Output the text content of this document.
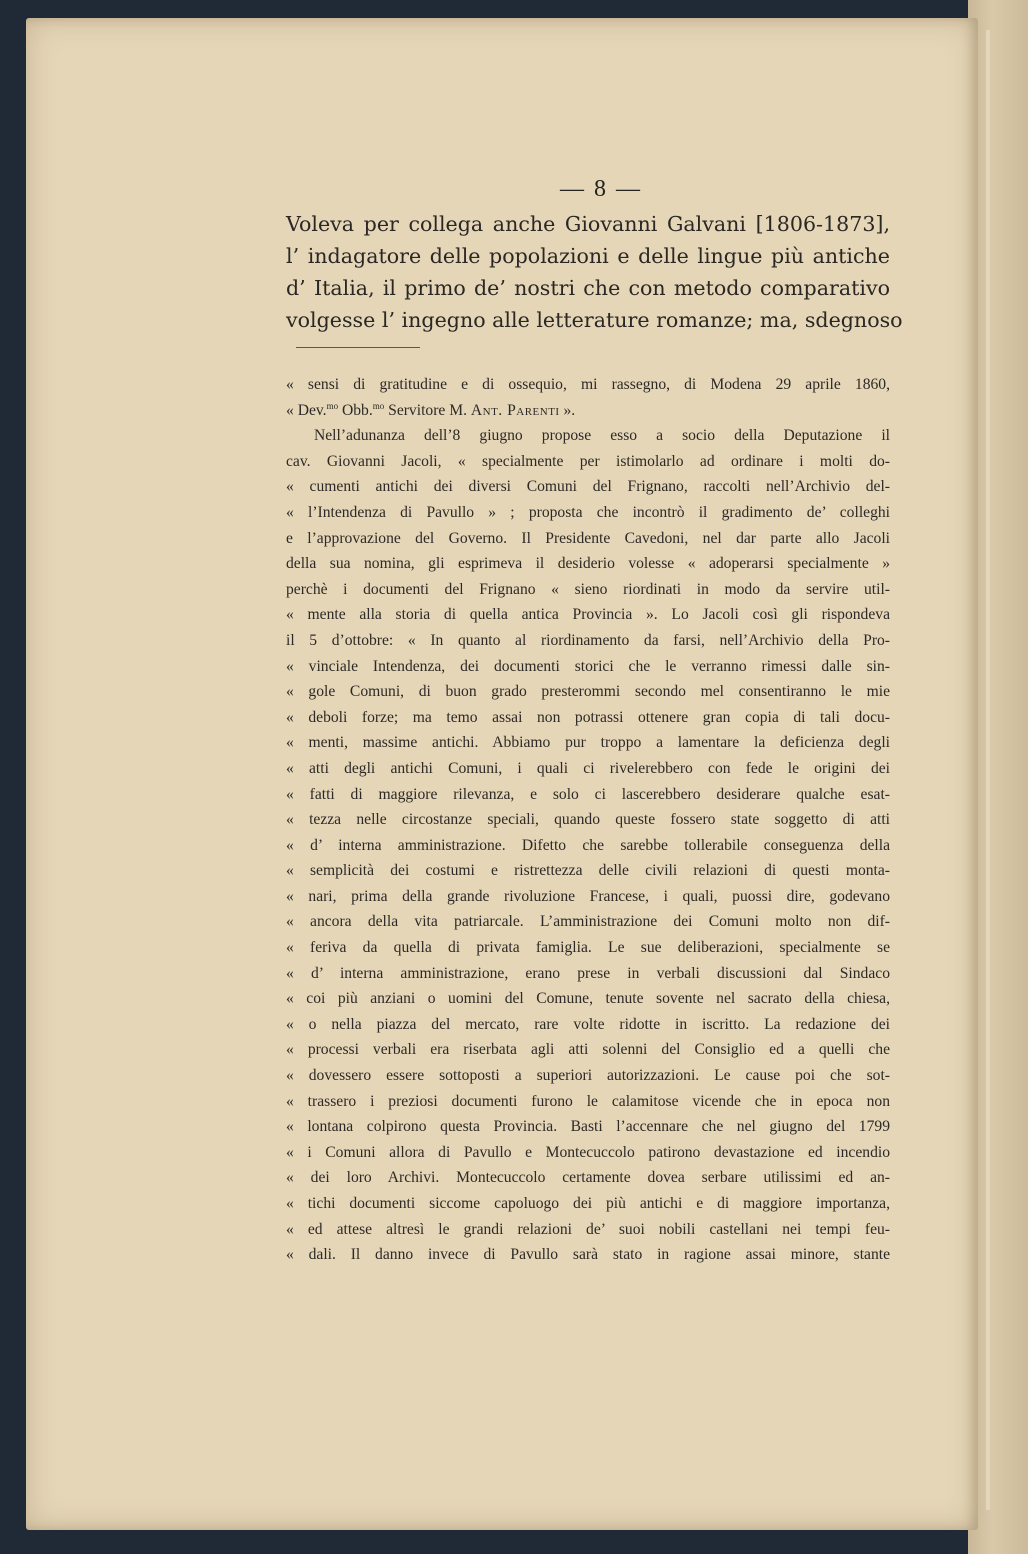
— 8 —
Voleva per collega anche Giovanni Galvani [1806-1873],
l’ indagatore delle popolazioni e delle lingue più antiche
d’ Italia, il primo de’ nostri che con metodo comparativo
volgesse l’ ingegno alle letterature romanze; ma, sdegnoso
« sensi di gratitudine e di ossequio, mi rassegno, di Modena 29 aprile 1860,
« Dev.$^{mo}$ Obb.$^{mo}$ Servitore M. Ant. Parenti ».
Nell’adunanza dell’8 giugno propose esso a socio della Deputazione il
cav. Giovanni Jacoli, « specialmente per istimolarlo ad ordinare i molti do-
« cumenti antichi dei diversi Comuni del Frignano, raccolti nell’Archivio del-
« l’Intendenza di Pavullo » ; proposta che incontrò il gradimento de’ colleghi
e l’approvazione del Governo. Il Presidente Cavedoni, nel dar parte allo Jacoli
della sua nomina, gli esprimeva il desiderio volesse « adoperarsi specialmente »
perchè i documenti del Frignano « sieno riordinati in modo da servire util-
« mente alla storia di quella antica Provincia ». Lo Jacoli così gli rispondeva
il 5 d’ottobre: « In quanto al riordinamento da farsi, nell’Archivio della Pro-
« vinciale Intendenza, dei documenti storici che le verranno rimessi dalle sin-
« gole Comuni, di buon grado presterommi secondo mel consentiranno le mie
« deboli forze; ma temo assai non potrassi ottenere gran copia di tali docu-
« menti, massime antichi. Abbiamo pur troppo a lamentare la deficienza degli
« atti degli antichi Comuni, i quali ci rivelerebbero con fede le origini dei
« fatti di maggiore rilevanza, e solo ci lascerebbero desiderare qualche esat-
« tezza nelle circostanze speciali, quando queste fossero state soggetto di atti
« d’ interna amministrazione. Difetto che sarebbe tollerabile conseguenza della
« semplicità dei costumi e ristrettezza delle civili relazioni di questi monta-
« nari, prima della grande rivoluzione Francese, i quali, puossi dire, godevano
« ancora della vita patriarcale. L’amministrazione dei Comuni molto non dif-
« feriva da quella di privata famiglia. Le sue deliberazioni, specialmente se
« d’ interna amministrazione, erano prese in verbali discussioni dal Sindaco
« coi più anziani o uomini del Comune, tenute sovente nel sacrato della chiesa,
« o nella piazza del mercato, rare volte ridotte in iscritto. La redazione dei
« processi verbali era riserbata agli atti solenni del Consiglio ed a quelli che
« dovessero essere sottoposti a superiori autorizzazioni. Le cause poi che sot-
« trassero i preziosi documenti furono le calamitose vicende che in epoca non
« lontana colpirono questa Provincia. Basti l’accennare che nel giugno del 1799
« i Comuni allora di Pavullo e Montecuccolo patirono devastazione ed incendio
« dei loro Archivi. Montecuccolo certamente dovea serbare utilissimi ed an-
« tichi documenti siccome capoluogo dei più antichi e di maggiore importanza,
« ed attese altresì le grandi relazioni de’ suoi nobili castellani nei tempi feu-
« dali. Il danno invece di Pavullo sarà stato in ragione assai minore, stante
